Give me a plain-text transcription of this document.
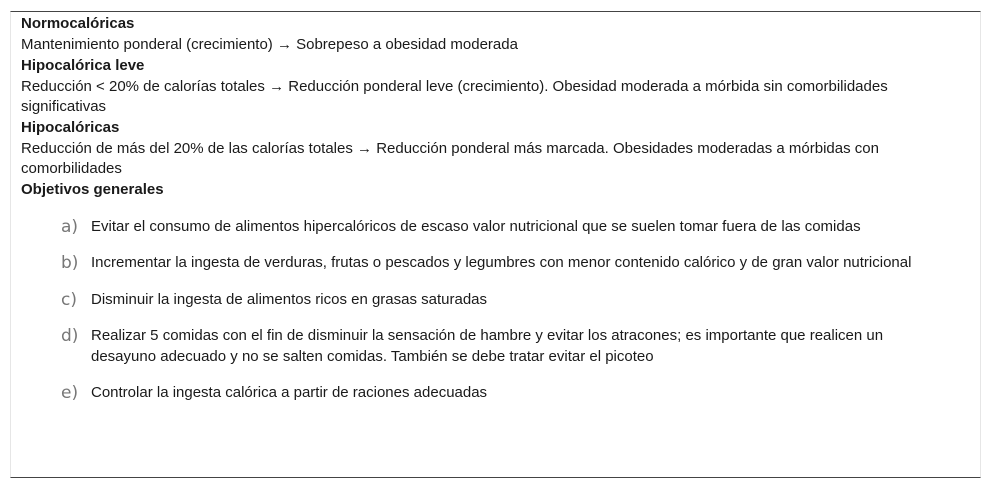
Normocalóricas
Mantenimiento ponderal (crecimiento) → Sobrepeso a obesidad moderada
Hipocalórica leve
Reducción < 20% de calorías totales → Reducción ponderal leve (crecimiento). Obesidad moderada a mórbida sin comorbilidades significativas
Hipocalóricas
Reducción de más del 20% de las calorías totales → Reducción ponderal más marcada. Obesidades moderadas a mórbidas con comorbilidades
Objetivos generales
a) Evitar el consumo de alimentos hipercalóricos de escaso valor nutricional que se suelen tomar fuera de las comidas
b) Incrementar la ingesta de verduras, frutas o pescados y legumbres con menor contenido calórico y de gran valor nutricional
c) Disminuir la ingesta de alimentos ricos en grasas saturadas
d) Realizar 5 comidas con el fin de disminuir la sensación de hambre y evitar los atracones; es importante que realicen un desayuno adecuado y no se salten comidas. También se debe tratar evitar el picoteo
e) Controlar la ingesta calórica a partir de raciones adecuadas
